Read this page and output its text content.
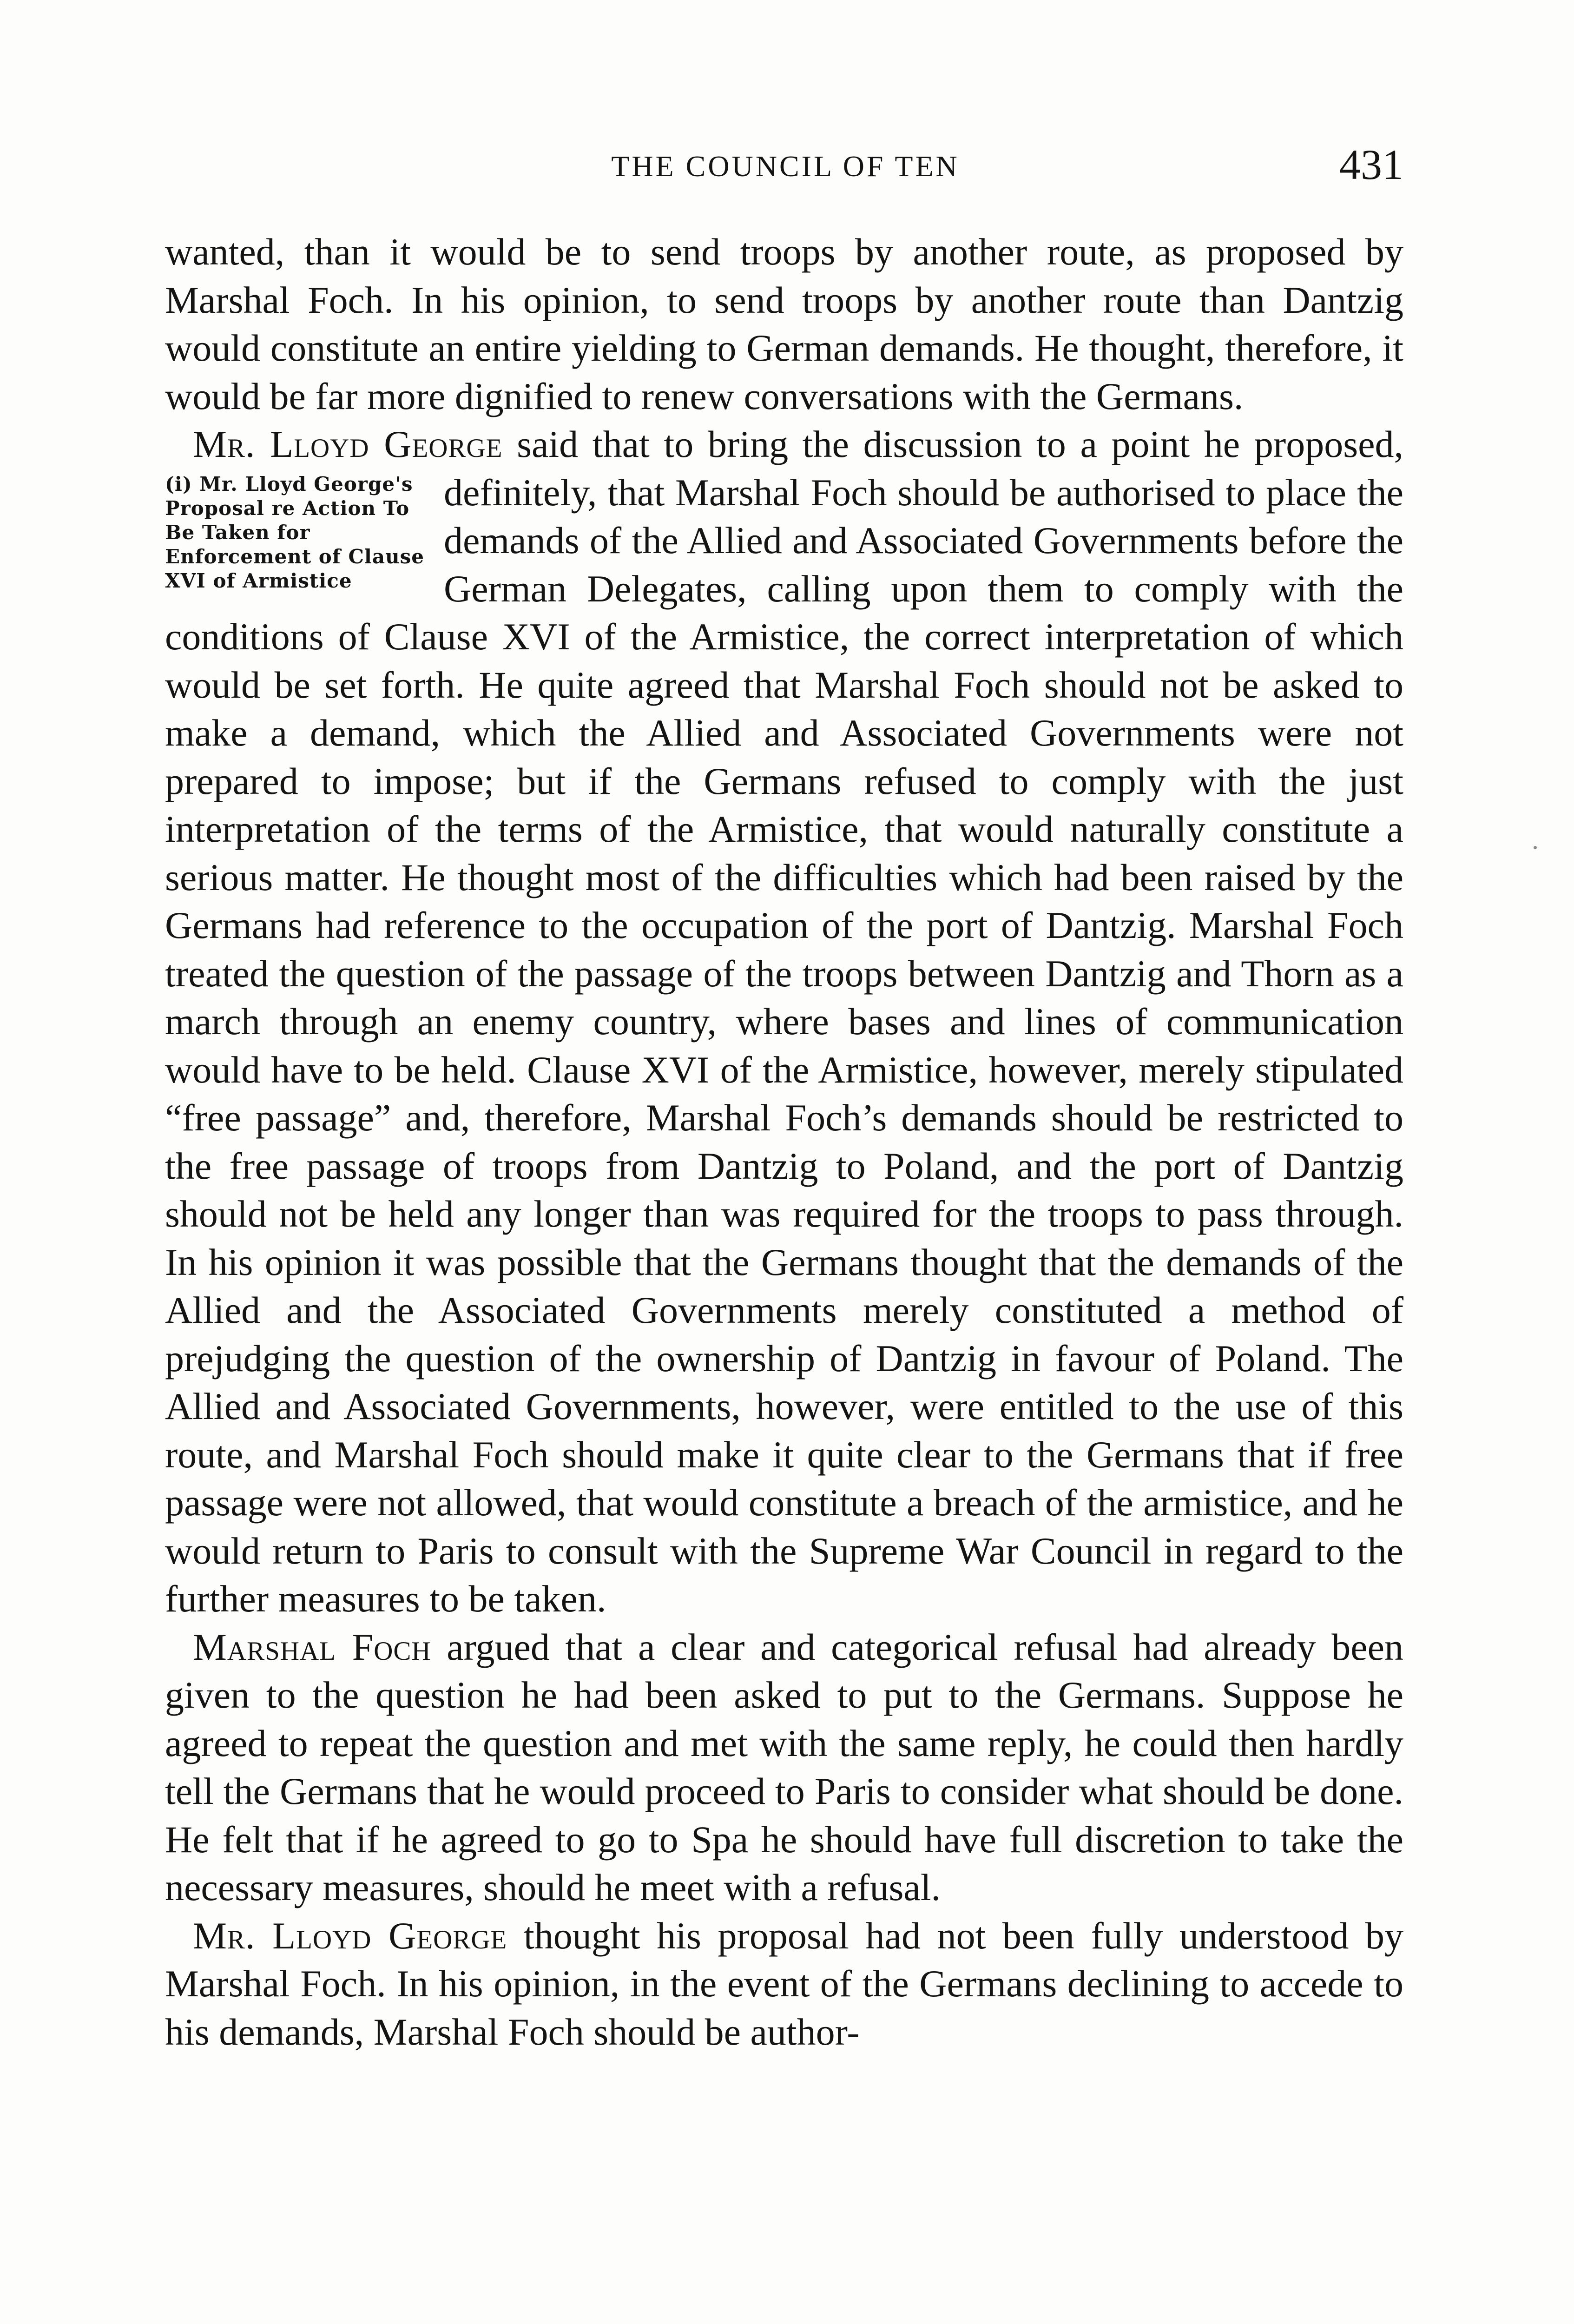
THE COUNCIL OF TEN	431

wanted, than it would be to send troops by another route, as proposed by Marshal Foch. In his opinion, to send troops by another route than Dantzig would constitute an entire yielding to German demands. He thought, therefore, it would be far more dignified to renew conversations with the Germans.

Mr. Lloyd George said that to bring the discussion to a point he proposed, definitely, that Marshal Foch should be authorised to place
(i) Mr. Lloyd George's Proposal re Action To Be Taken for Enforcement of Clause XVI of Armistice
the demands of the Allied and Associated Governments before the German Delegates, calling upon them to comply with the conditions of Clause XVI of the Armistice, the correct interpretation of which would be set forth. He quite agreed that Marshal Foch should not be asked to make a demand, which the Allied and Associated Governments were not prepared to impose; but if the Germans refused to comply with the just interpretation of the terms of the Armistice, that would naturally constitute a serious matter. He thought most of the difficulties which had been raised by the Germans had reference to the occupation of the port of Dantzig. Marshal Foch treated the question of the passage of the troops between Dantzig and Thorn as a march through an enemy country, where bases and lines of communication would have to be held. Clause XVI of the Armistice, however, merely stipulated “free passage” and, therefore, Marshal Foch’s demands should be restricted to the free passage of troops from Dantzig to Poland, and the port of Dantzig should not be held any longer than was required for the troops to pass through. In his opinion it was possible that the Germans thought that the demands of the Allied and the Associated Governments merely constituted a method of prejudging the question of the ownership of Dantzig in favour of Poland. The Allied and Associated Governments, however, were entitled to the use of this route, and Marshal Foch should make it quite clear to the Germans that if free passage were not allowed, that would constitute a breach of the armistice, and he would return to Paris to consult with the Supreme War Council in regard to the further measures to be taken.

Marshal Foch argued that a clear and categorical refusal had already been given to the question he had been asked to put to the Germans. Suppose he agreed to repeat the question and met with the same reply, he could then hardly tell the Germans that he would proceed to Paris to consider what should be done. He felt that if he agreed to go to Spa he should have full discretion to take the necessary measures, should he meet with a refusal.

Mr. Lloyd George thought his proposal had not been fully understood by Marshal Foch. In his opinion, in the event of the Germans declining to accede to his demands, Marshal Foch should be author-
